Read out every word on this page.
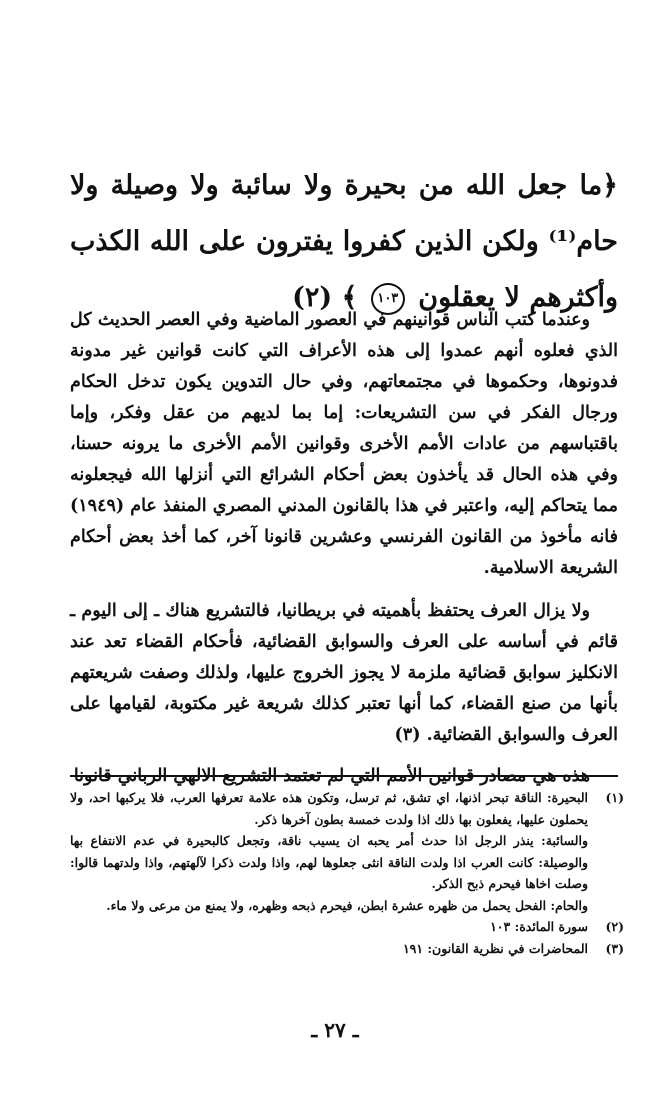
﴿ما جعل الله من بحيرة ولا سائبة ولا وصيلة ولا حام⁽¹⁾ ولكن الذين كفروا يفترون على الله الكذب وأكثرهم لا يعقلون ١٠٣ ﴾ (٢)

وعندما كتب الناس قوانينهم في العصور الماضية وفي العصر الحديث كل الذي فعلوه أنهم عمدوا إلى هذه الأعراف التي كانت قوانين غير مدونة فدونوها، وحكموها في مجتمعاتهم، وفي حال التدوين يكون تدخل الحكام ورجال الفكر في سن التشريعات: إما بما لديهم من عقل وفكر، وإما باقتباسهم من عادات الأمم الأخرى وقوانين الأمم الأخرى ما يرونه حسنا، وفي هذه الحال قد يأخذون بعض أحكام الشرائع التي أنزلها الله فيجعلونه مما يتحاكم إليه، واعتبر في هذا بالقانون المدني المصري المنفذ عام (١٩٤٩) فانه مأخوذ من القانون الفرنسي وعشرين قانونا آخر، كما أخذ بعض أحكام الشريعة الاسلامية.

ولا يزال العرف يحتفظ بأهميته في بريطانيا، فالتشريع هناك ـ إلى اليوم ـ قائم في أساسه على العرف والسوابق القضائية، فأحكام القضاء تعد عند الانكليز سوابق قضائية ملزمة لا يجوز الخروج عليها، ولذلك وصفت شريعتهم بأنها من صنع القضاء، كما أنها تعتبر كذلك شريعة غير مكتوبة، لقيامها على العرف والسوابق القضائية. (٣)

هذه هي مصادر قوانين الأمم التي لم تعتمد التشريع الالهي الرباني قانونا

(١)
البحيرة: الناقة تبحر اذنها، اي تشق، ثم ترسل، وتكون هذه علامة تعرفها العرب، فلا يركبها احد، ولا يحملون عليها، يفعلون بها ذلك اذا ولدت خمسة بطون آخرها ذكر.
والسائبة: ينذر الرجل اذا حدث أمر يحبه ان يسيب ناقة، وتجعل كالبحيرة في عدم الانتفاع بها والوصيلة: كانت العرب اذا ولدت الناقة انثى جعلوها لهم، واذا ولدت ذكرا لآلهتهم، واذا ولدتهما قالوا: وصلت اخاها فيحرم ذبح الذكر.
والحام: الفحل يحمل من ظهره عشرة ابطن، فيحرم ذبحه وظهره، ولا يمنع من مرعى ولا ماء.
(٢)
سورة المائدة: ١٠٣
(٣)
المحاضرات في نظرية القانون: ١٩١
ـ ٢٧ ـ
